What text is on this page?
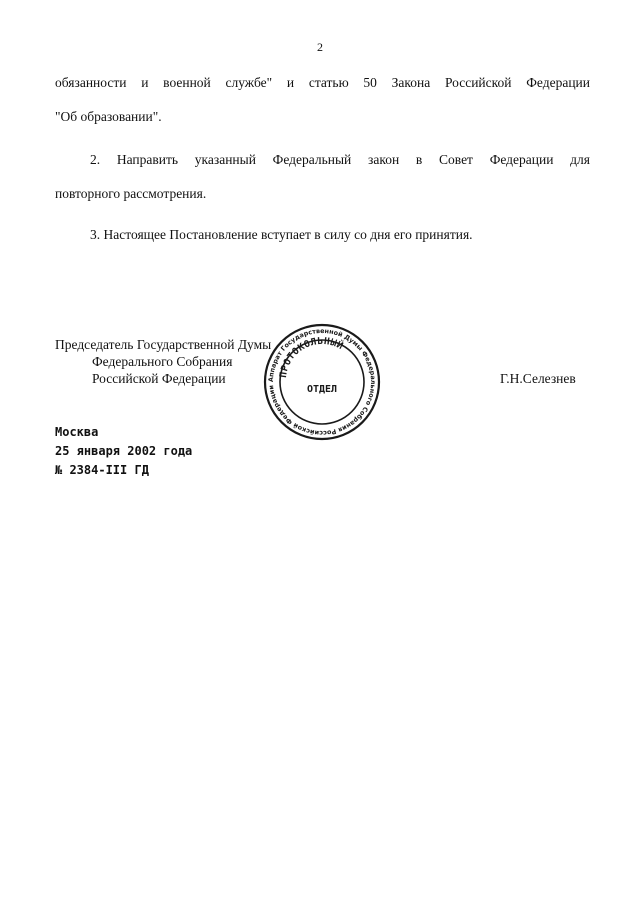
2
обязанности и военной службе" и статью 50 Закона Российской Федерации
"Об образовании".
2. Направить указанный Федеральный закон в Совет Федерации для
повторного рассмотрения.
3. Настоящее Постановление вступает в силу со дня его принятия.
Председатель Государственной Думы
Федерального Собрания
Российской Федерации	Г.Н.Селезнев
Аппарат Государственной Думы Федерального Собрания Российской Федерации
ПРОТОКОЛЬНЫЙ
ОТДЕЛ
Москва
25 января 2002 года
№ 2384-III ГД
